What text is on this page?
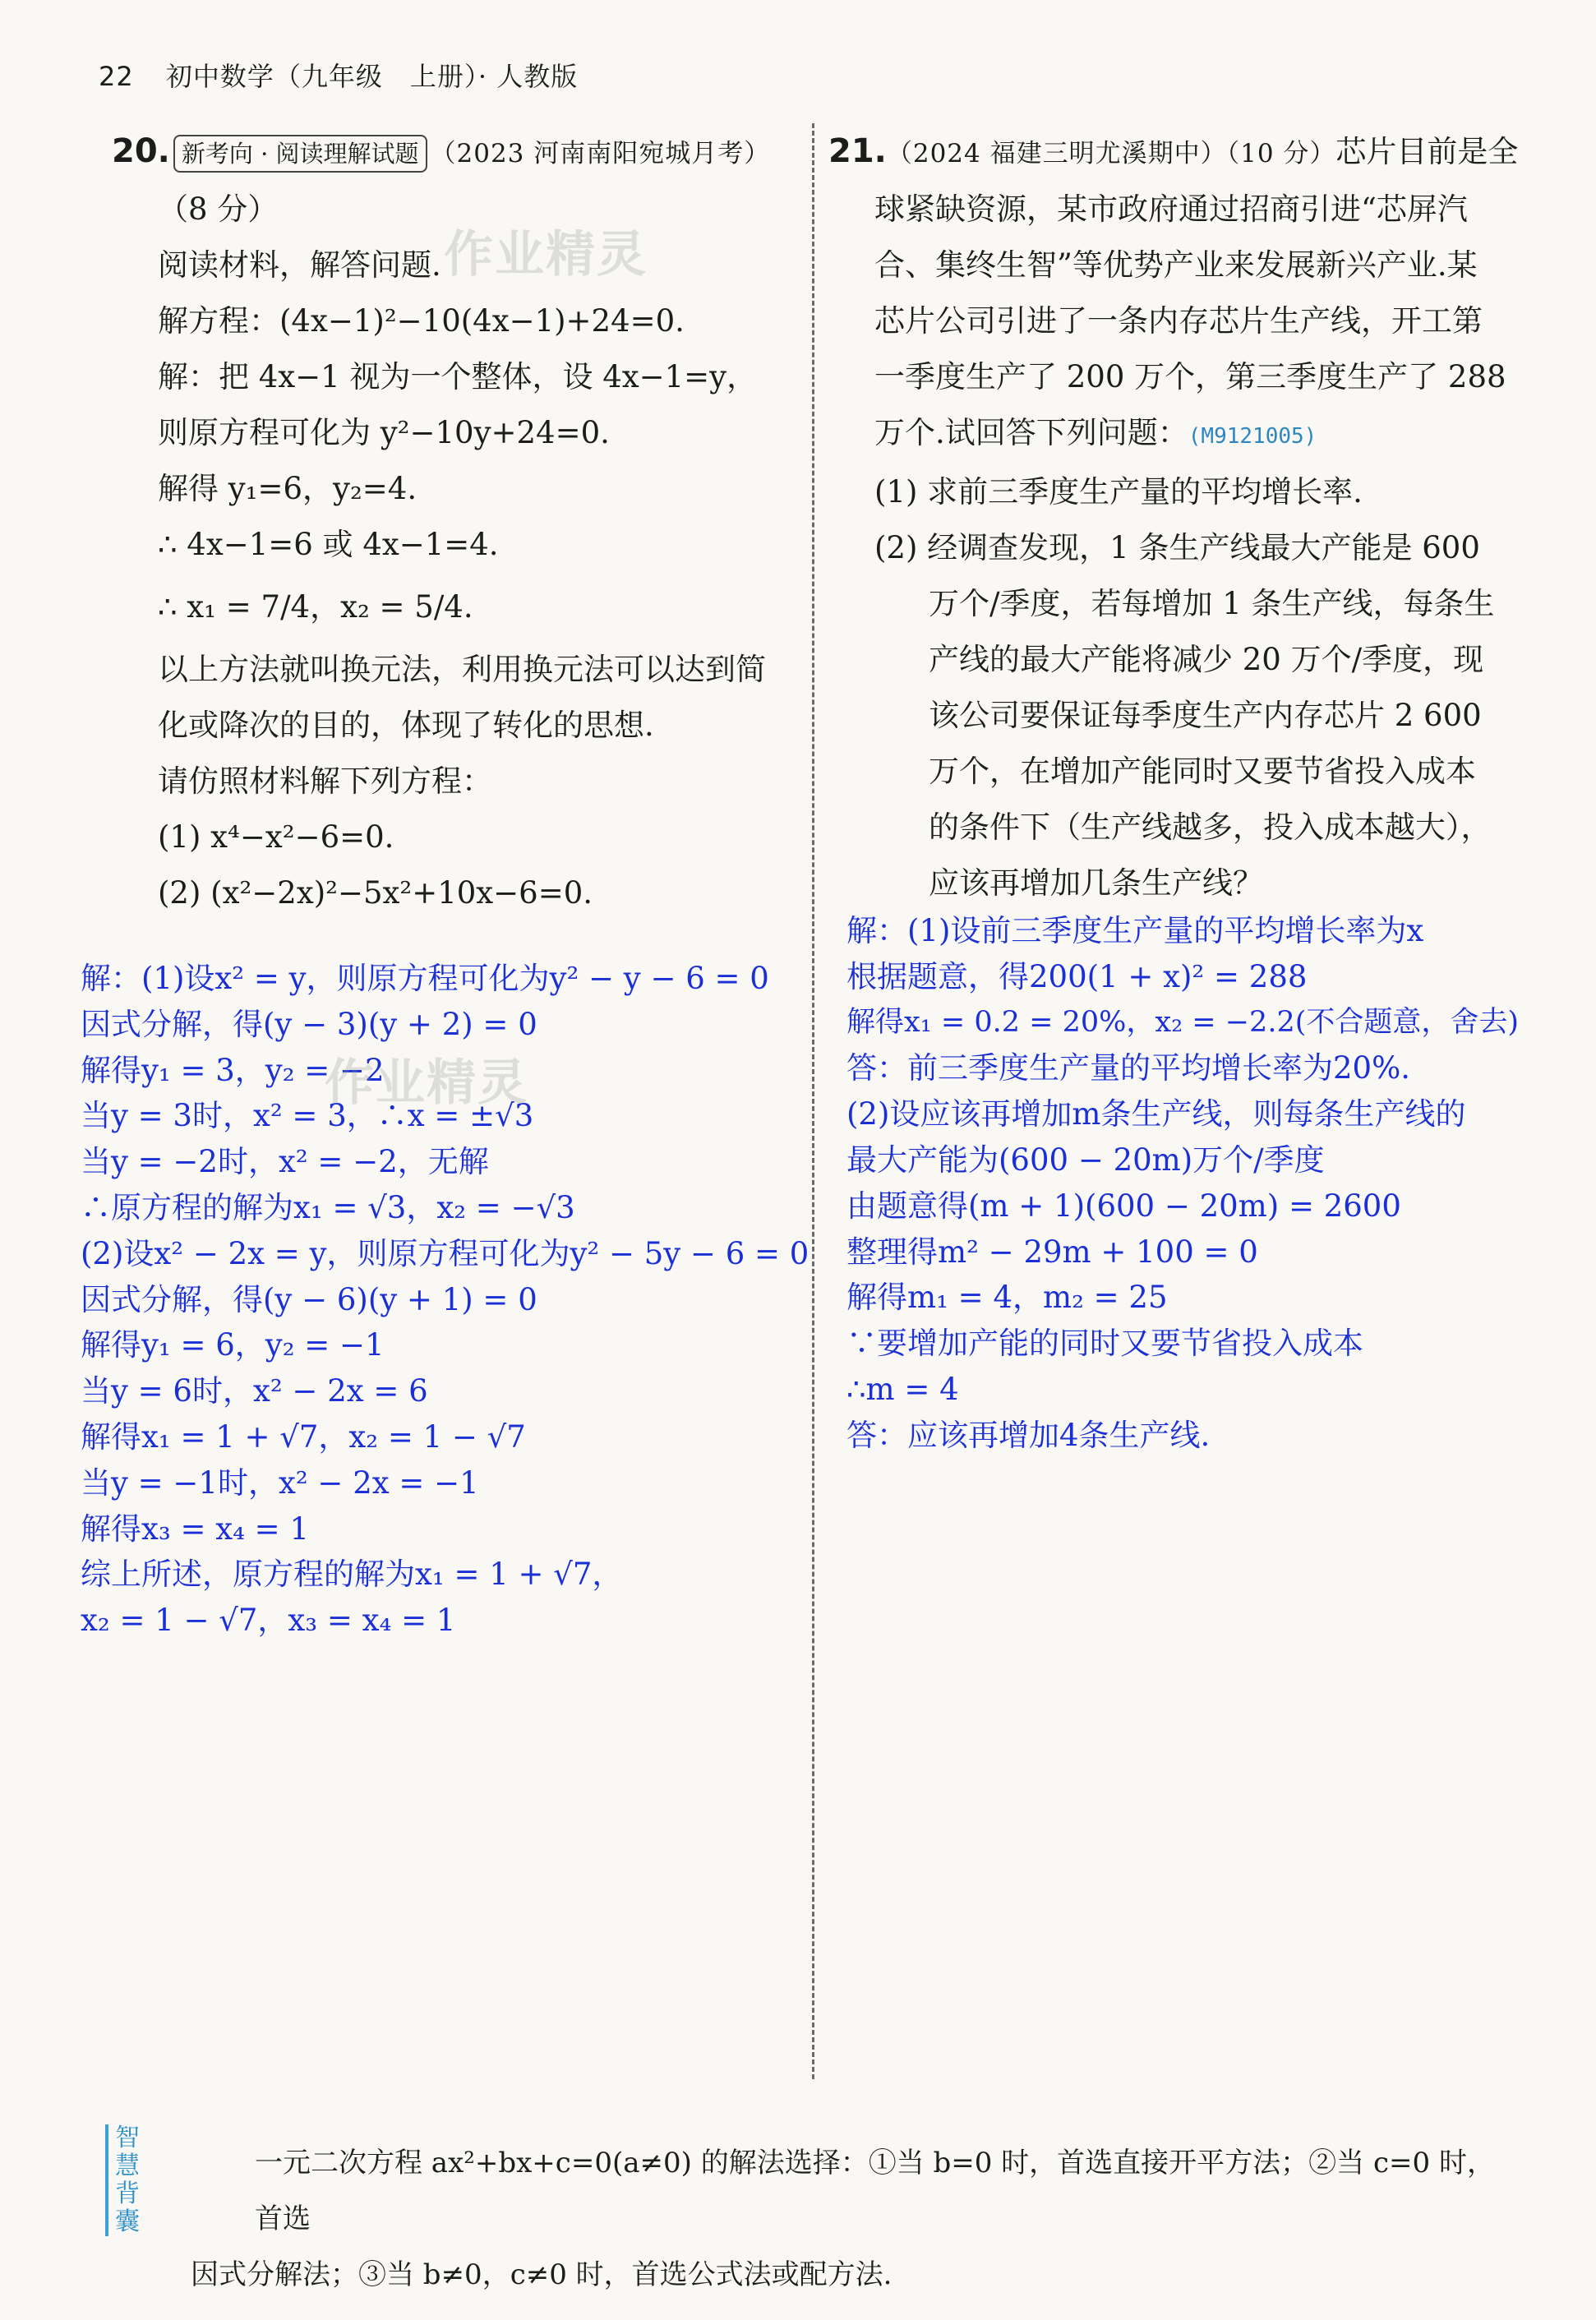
22 初中数学（九年级　上册）· 人教版
20. 新考向 · 阅读理解试题 （2023 河南南阳宛城月考）
（8 分）
阅读材料，解答问题.
解方程：(4x−1)²−10(4x−1)+24=0.
解：把 4x−1 视为一个整体，设 4x−1=y，
则原方程可化为 y²−10y+24=0.
解得 y₁=6，y₂=4.
∴ 4x−1=6 或 4x−1=4.
∴ x₁ = 7/4，x₂ = 5/4.
以上方法就叫换元法，利用换元法可以达到简
化或降次的目的，体现了转化的思想.
请仿照材料解下列方程：
(1) x⁴−x²−6=0.
(2) (x²−2x)²−5x²+10x−6=0.
解：(1)设x² = y，则原方程可化为y² − y − 6 = 0
因式分解，得(y − 3)(y + 2) = 0
解得y₁ = 3，y₂ = −2
当y = 3时，x² = 3，∴x = ±√3
当y = −2时，x² = −2，无解
∴原方程的解为x₁ = √3，x₂ = −√3
(2)设x² − 2x = y，则原方程可化为y² − 5y − 6 = 0
因式分解，得(y − 6)(y + 1) = 0
解得y₁ = 6，y₂ = −1
当y = 6时，x² − 2x = 6
解得x₁ = 1 + √7，x₂ = 1 − √7
当y = −1时，x² − 2x = −1
解得x₃ = x₄ = 1
综上所述，原方程的解为x₁ = 1 + √7，
x₂ = 1 − √7，x₃ = x₄ = 1
21.（2024 福建三明尤溪期中）（10 分）芯片目前是全
球紧缺资源，某市政府通过招商引进“芯屏汽
合、集终生智”等优势产业来发展新兴产业.某
芯片公司引进了一条内存芯片生产线，开工第
一季度生产了 200 万个，第三季度生产了 288
万个.试回答下列问题：(M9121005)
(1) 求前三季度生产量的平均增长率.
(2) 经调查发现，1 条生产线最大产能是 600
万个/季度，若每增加 1 条生产线，每条生
产线的最大产能将减少 20 万个/季度，现
该公司要保证每季度生产内存芯片 2 600
万个，在增加产能同时又要节省投入成本
的条件下（生产线越多，投入成本越大），
应该再增加几条生产线？
解：(1)设前三季度生产量的平均增长率为x
根据题意，得200(1 + x)² = 288
解得x₁ = 0.2 = 20%，x₂ = −2.2(不合题意，舍去)
答：前三季度生产量的平均增长率为20%.
(2)设应该再增加m条生产线，则每条生产线的
最大产能为(600 − 20m)万个/季度
由题意得(m + 1)(600 − 20m) = 2600
整理得m² − 29m + 100 = 0
解得m₁ = 4，m₂ = 25
∵要增加产能的同时又要节省投入成本
∴m = 4
答：应该再增加4条生产线.
作业精灵
作业精灵
智
慧
背
囊
一元二次方程 ax²+bx+c=0(a≠0) 的解法选择：①当 b=0 时，首选直接开平方法；②当 c=0 时，首选
因式分解法；③当 b≠0，c≠0 时，首选公式法或配方法.
